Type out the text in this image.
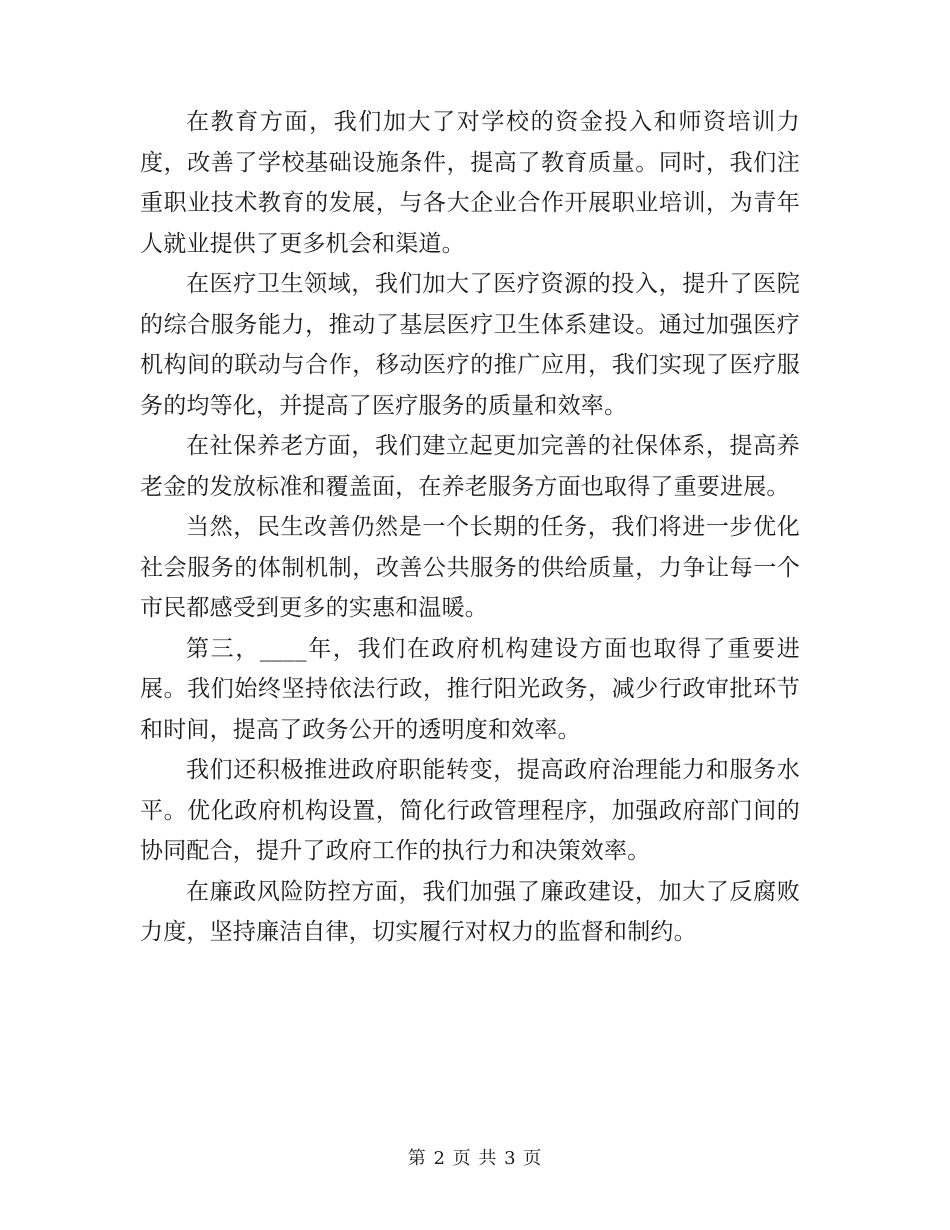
在教育方面，我们加大了对学校的资金投入和师资培训力度，改善了学校基础设施条件，提高了教育质量。同时，我们注重职业技术教育的发展，与各大企业合作开展职业培训，为青年人就业提供了更多机会和渠道。

在医疗卫生领域，我们加大了医疗资源的投入，提升了医院的综合服务能力，推动了基层医疗卫生体系建设。通过加强医疗机构间的联动与合作，移动医疗的推广应用，我们实现了医疗服务的均等化，并提高了医疗服务的质量和效率。

在社保养老方面，我们建立起更加完善的社保体系，提高养老金的发放标准和覆盖面，在养老服务方面也取得了重要进展。

当然，民生改善仍然是一个长期的任务，我们将进一步优化社会服务的体制机制，改善公共服务的供给质量，力争让每一个市民都感受到更多的实惠和温暖。

第三，____年，我们在政府机构建设方面也取得了重要进展。我们始终坚持依法行政，推行阳光政务，减少行政审批环节和时间，提高了政务公开的透明度和效率。

我们还积极推进政府职能转变，提高政府治理能力和服务水平。优化政府机构设置，简化行政管理程序，加强政府部门间的协同配合，提升了政府工作的执行力和决策效率。

在廉政风险防控方面，我们加强了廉政建设，加大了反腐败力度，坚持廉洁自律，切实履行对权力的监督和制约。

第 2 页 共 3 页
